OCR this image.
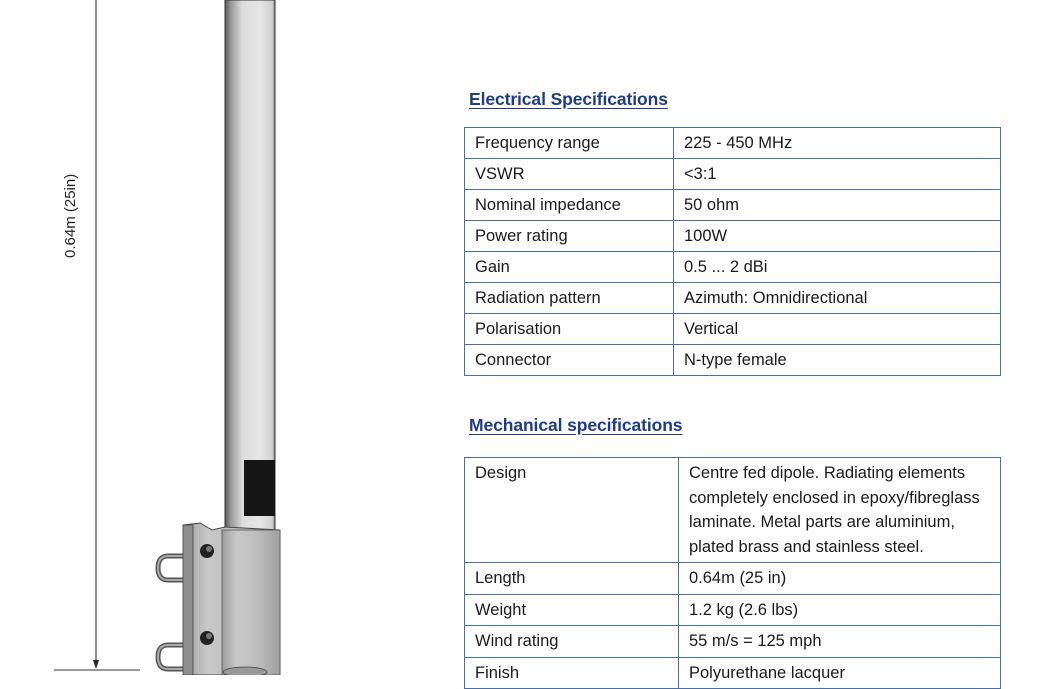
0.64m (25in)
Electrical Specifications
Frequency range	225 - 450 MHz
VSWR	<3:1
Nominal impedance	50 ohm
Power rating	100W
Gain	0.5 ... 2 dBi
Radiation pattern	Azimuth: Omnidirectional
Polarisation	Vertical
Connector	N-type female
Mechanical specifications
Design	Centre fed dipole. Radiating elements completely enclosed in epoxy/fibreglass laminate. Metal parts are aluminium, plated brass and stainless steel.
Length	0.64m (25 in)
Weight	1.2 kg (2.6 lbs)
Wind rating	55 m/s = 125 mph
Finish	Polyurethane lacquer
